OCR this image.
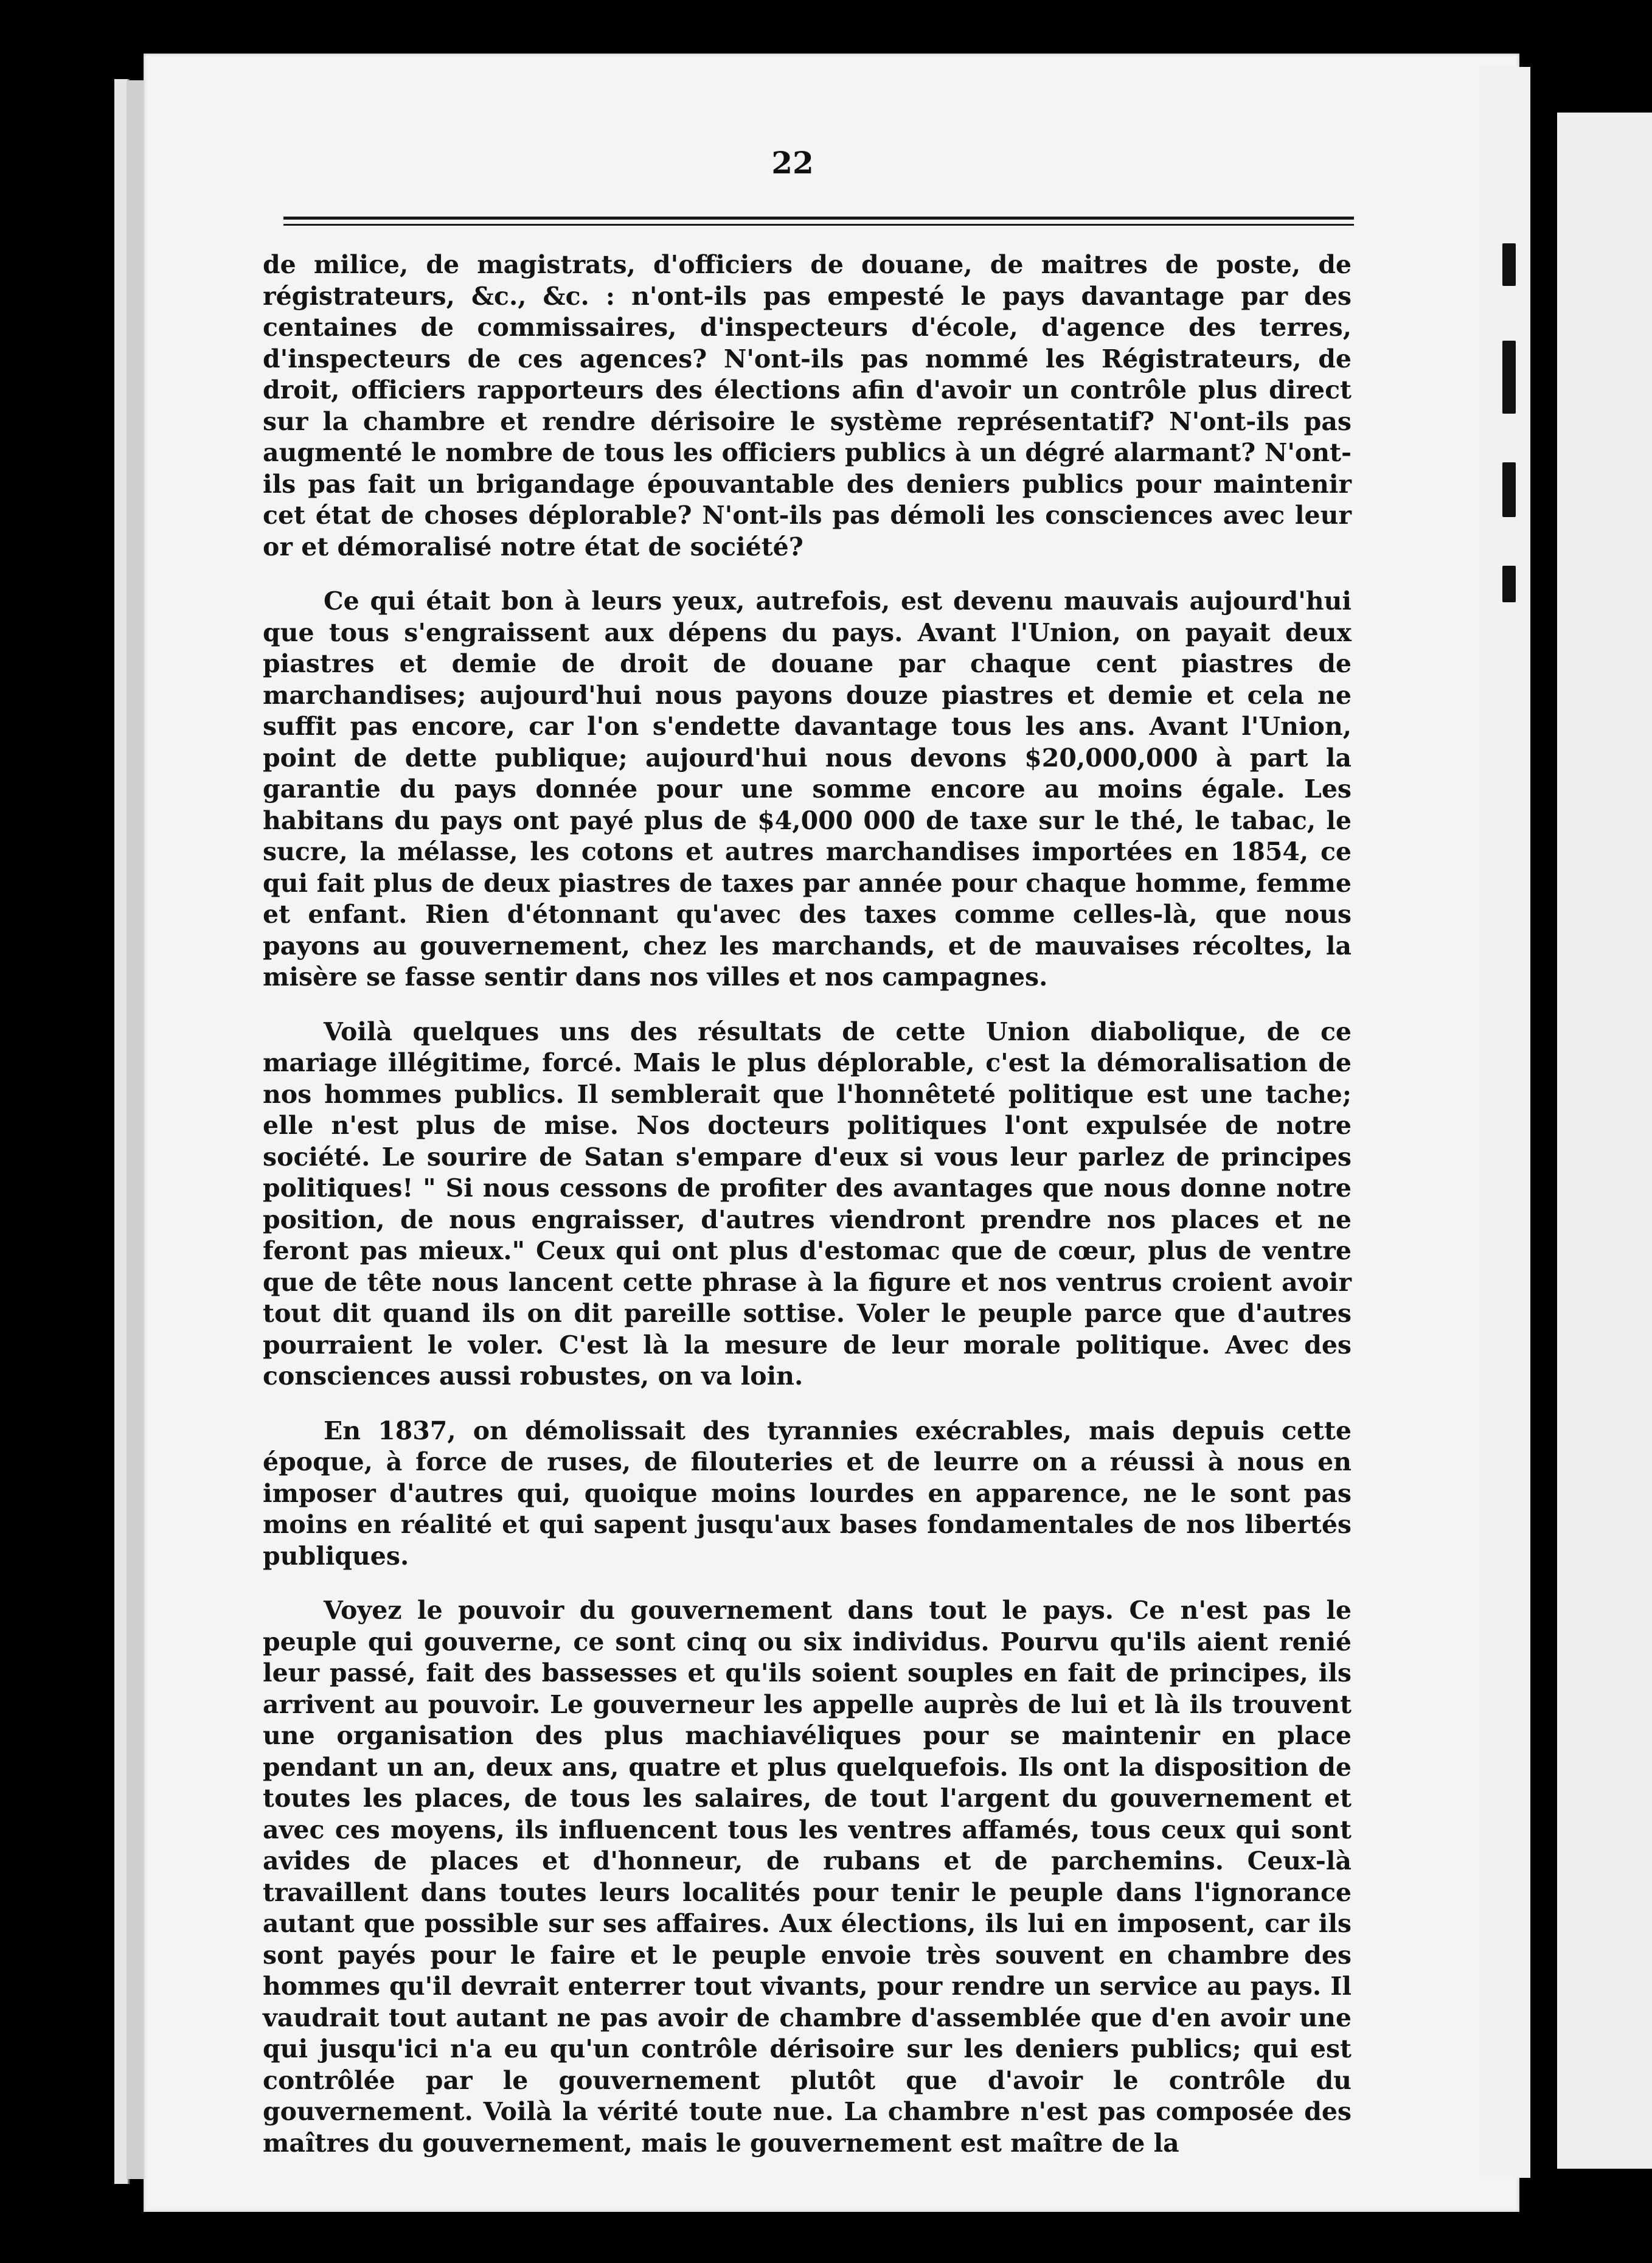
22

de milice, de magistrats, d'officiers de douane, de maitres de poste, de régistrateurs, &c., &c. : n'ont-ils pas empesté le pays davantage par des centaines de commissaires, d'inspecteurs d'école, d'agence des terres, d'inspecteurs de ces agences? N'ont-ils pas nommé les Régistrateurs, de droit, officiers rapporteurs des élections afin d'avoir un contrôle plus direct sur la chambre et rendre dérisoire le système représentatif? N'ont-ils pas augmenté le nombre de tous les officiers publics à un dégré alarmant? N'ont-ils pas fait un brigandage épouvantable des deniers publics pour maintenir cet état de choses déplorable? N'ont-ils pas démoli les consciences avec leur or et démoralisé notre état de société?

Ce qui était bon à leurs yeux, autrefois, est devenu mauvais aujourd'hui que tous s'engraissent aux dépens du pays. Avant l'Union, on payait deux piastres et demie de droit de douane par chaque cent piastres de marchandises; aujourd'hui nous payons douze piastres et demie et cela ne suffit pas encore, car l'on s'endette davantage tous les ans. Avant l'Union, point de dette publique; aujourd'hui nous devons $20,000,000 à part la garantie du pays donnée pour une somme encore au moins égale. Les habitans du pays ont payé plus de $4,000 000 de taxe sur le thé, le tabac, le sucre, la mélasse, les cotons et autres marchandises importées en 1854, ce qui fait plus de deux piastres de taxes par année pour chaque homme, femme et enfant. Rien d'étonnant qu'avec des taxes comme celles-là, que nous payons au gouvernement, chez les marchands, et de mauvaises récoltes, la misère se fasse sentir dans nos villes et nos campagnes.

Voilà quelques uns des résultats de cette Union diabolique, de ce mariage illégitime, forcé. Mais le plus déplorable, c'est la démoralisation de nos hommes publics. Il semblerait que l'honnêteté politique est une tache; elle n'est plus de mise. Nos docteurs politiques l'ont expulsée de notre société. Le sourire de Satan s'empare d'eux si vous leur parlez de principes politiques! " Si nous cessons de profiter des avantages que nous donne notre position, de nous engraisser, d'autres viendront prendre nos places et ne feront pas mieux." Ceux qui ont plus d'estomac que de cœur, plus de ventre que de tête nous lancent cette phrase à la figure et nos ventrus croient avoir tout dit quand ils on dit pareille sottise. Voler le peuple parce que d'autres pourraient le voler. C'est là la mesure de leur morale politique. Avec des consciences aussi robustes, on va loin.

En 1837, on démolissait des tyrannies exécrables, mais depuis cette époque, à force de ruses, de filouteries et de leurre on a réussi à nous en imposer d'autres qui, quoique moins lourdes en apparence, ne le sont pas moins en réalité et qui sapent jusqu'aux bases fondamentales de nos libertés publiques.

Voyez le pouvoir du gouvernement dans tout le pays. Ce n'est pas le peuple qui gouverne, ce sont cinq ou six individus. Pourvu qu'ils aient renié leur passé, fait des bassesses et qu'ils soient souples en fait de principes, ils arrivent au pouvoir. Le gouverneur les appelle auprès de lui et là ils trouvent une organisation des plus machiavéliques pour se maintenir en place pendant un an, deux ans, quatre et plus quelquefois. Ils ont la disposition de toutes les places, de tous les salaires, de tout l'argent du gouvernement et avec ces moyens, ils influencent tous les ventres affamés, tous ceux qui sont avides de places et d'honneur, de rubans et de parchemins. Ceux-là travaillent dans toutes leurs localités pour tenir le peuple dans l'ignorance autant que possible sur ses affaires. Aux élections, ils lui en imposent, car ils sont payés pour le faire et le peuple envoie très souvent en chambre des hommes qu'il devrait enterrer tout vivants, pour rendre un service au pays. Il vaudrait tout autant ne pas avoir de chambre d'assemblée que d'en avoir une qui jusqu'ici n'a eu qu'un contrôle dérisoire sur les deniers publics; qui est contrôlée par le gouvernement plutôt que d'avoir le contrôle du gouvernement. Voilà la vérité toute nue. La chambre n'est pas composée des maîtres du gouvernement, mais le gouvernement est maître de la
